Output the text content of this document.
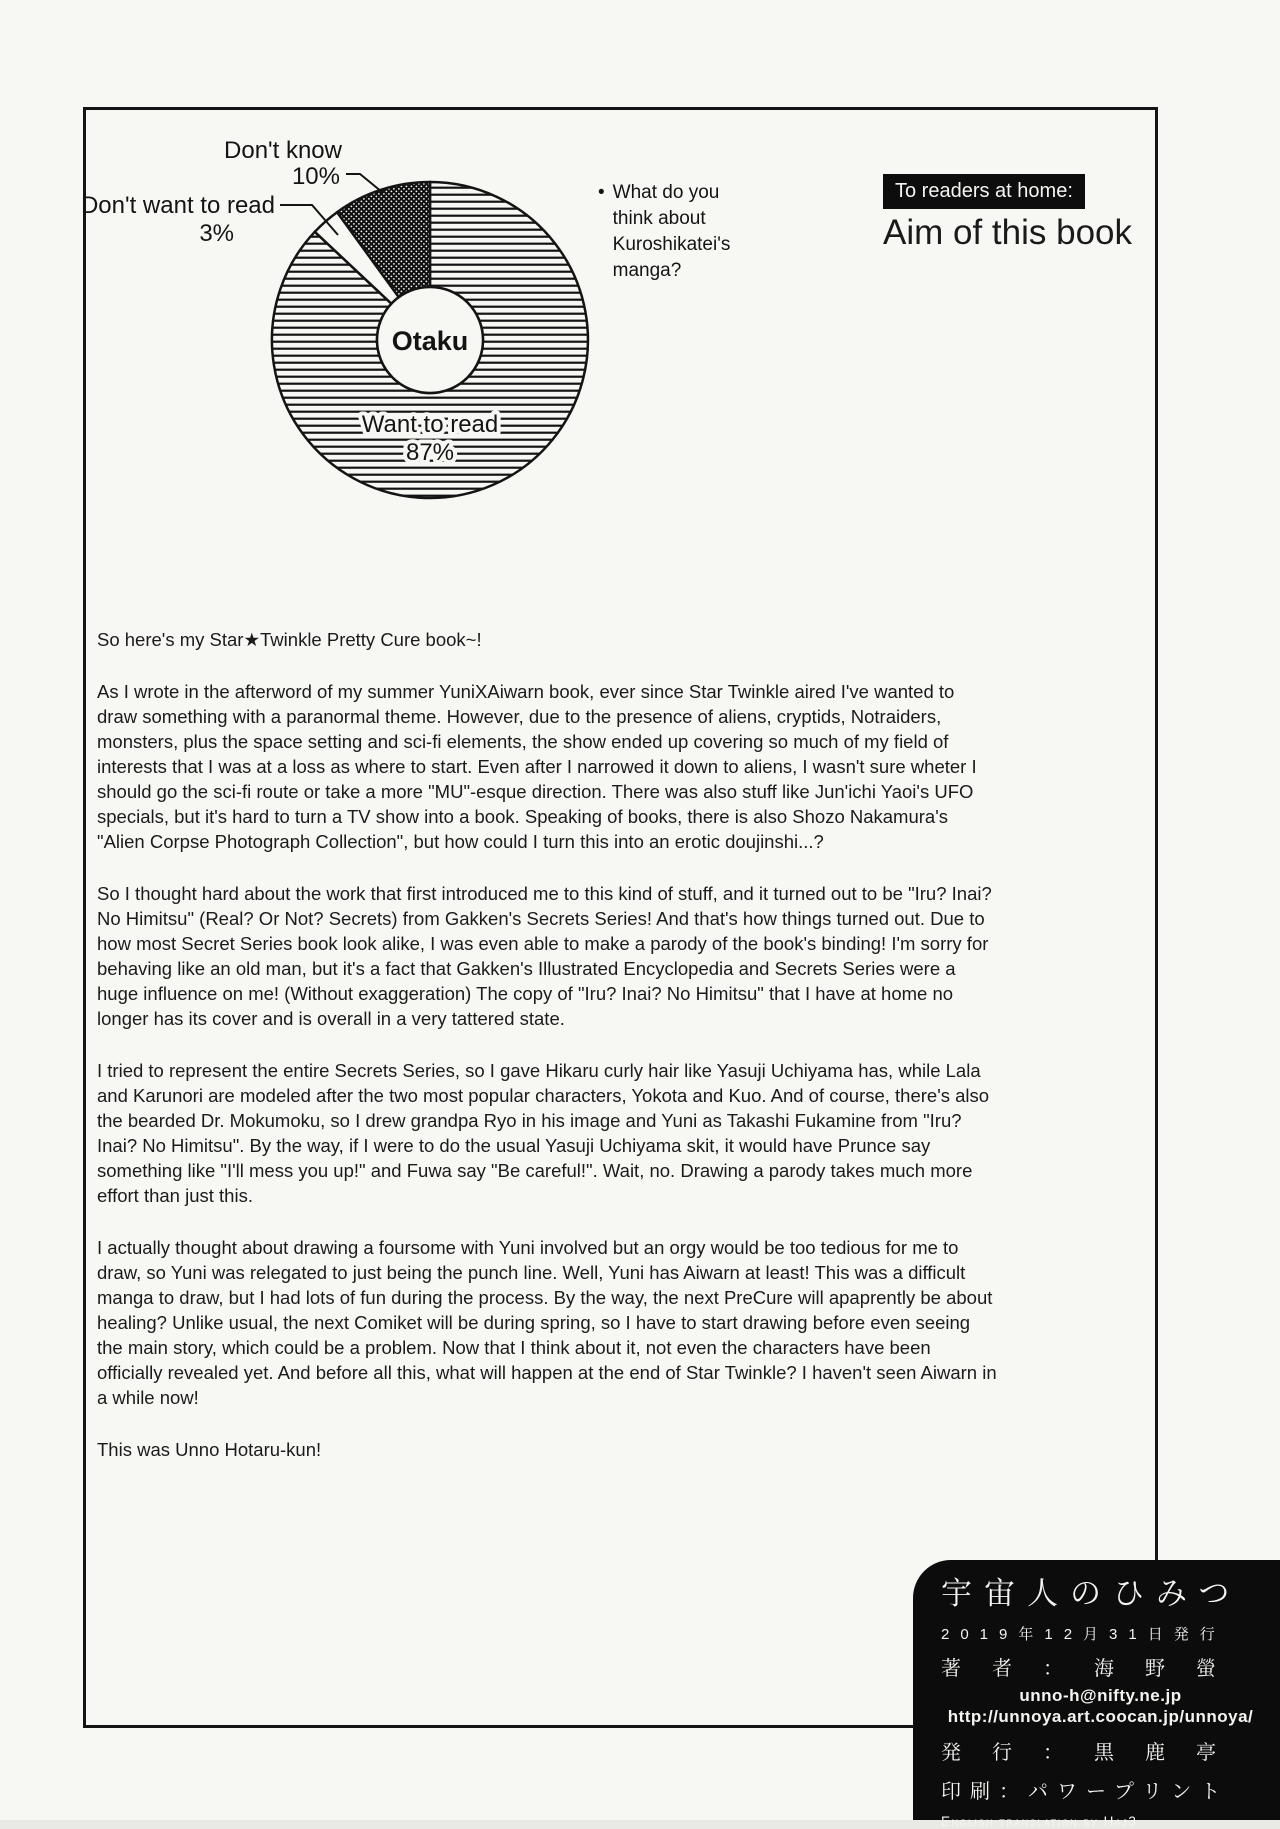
Don't know
10%
Don't want to read
3%
Otaku
Want to read
87%
• What do you think about Kuroshikatei's manga?
To readers at home:
Aim of this book

So here's my Star★Twinkle Pretty Cure book~!

As I wrote in the afterword of my summer YuniXAiwarn book, ever since Star Twinkle aired I've wanted to draw something with a paranormal theme. However, due to the presence of aliens, cryptids, Notraiders, monsters, plus the space setting and sci-fi elements, the show ended up covering so much of my field of interests that I was at a loss as where to start. Even after I narrowed it down to aliens, I wasn't sure wheter I should go the sci-fi route or take a more "MU"-esque direction. There was also stuff like Jun'ichi Yaoi's UFO specials, but it's hard to turn a TV show into a book. Speaking of books, there is also Shozo Nakamura's "Alien Corpse Photograph Collection", but how could I turn this into an erotic doujinshi...?

So I thought hard about the work that first introduced me to this kind of stuff, and it turned out to be "Iru? Inai? No Himitsu" (Real? Or Not? Secrets) from Gakken's Secrets Series! And that's how things turned out. Due to how most Secret Series book look alike, I was even able to make a parody of the book's binding! I'm sorry for behaving like an old man, but it's a fact that Gakken's Illustrated Encyclopedia and Secrets Series were a huge influence on me! (Without exaggeration) The copy of "Iru? Inai? No Himitsu" that I have at home no longer has its cover and is overall in a very tattered state.

I tried to represent the entire Secrets Series, so I gave Hikaru curly hair like Yasuji Uchiyama has, while Lala and Karunori are modeled after the two most popular characters, Yokota and Kuo. And of course, there's also the bearded Dr. Mokumoku, so I drew grandpa Ryo in his image and Yuni as Takashi Fukamine from "Iru? Inai? No Himitsu". By the way, if I were to do the usual Yasuji Uchiyama skit, it would have Prunce say something like "I'll mess you up!" and Fuwa say "Be careful!". Wait, no. Drawing a parody takes much more effort than just this.

I actually thought about drawing a foursome with Yuni involved but an orgy would be too tedious for me to draw, so Yuni was relegated to just being the punch line. Well, Yuni has Aiwarn at least! This was a difficult manga to draw, but I had lots of fun during the process. By the way, the next PreCure will apaprently be about healing? Unlike usual, the next Comiket will be during spring, so I have to start drawing before even seeing the main story, which could be a problem. Now that I think about it, not even the characters have been officially revealed yet. And before all this, what will happen at the end of Star Twinkle? I haven't seen Aiwarn in a while now!

This was Unno Hotaru-kun!

宇宙人のひみつ
2019年12月31日発行
著者：海野螢
unno-h@nifty.ne.jp
http://unnoya.art.coocan.jp/unnoya/
発行：黒鹿亭
印刷：パワープリント
English translation by Haj3
